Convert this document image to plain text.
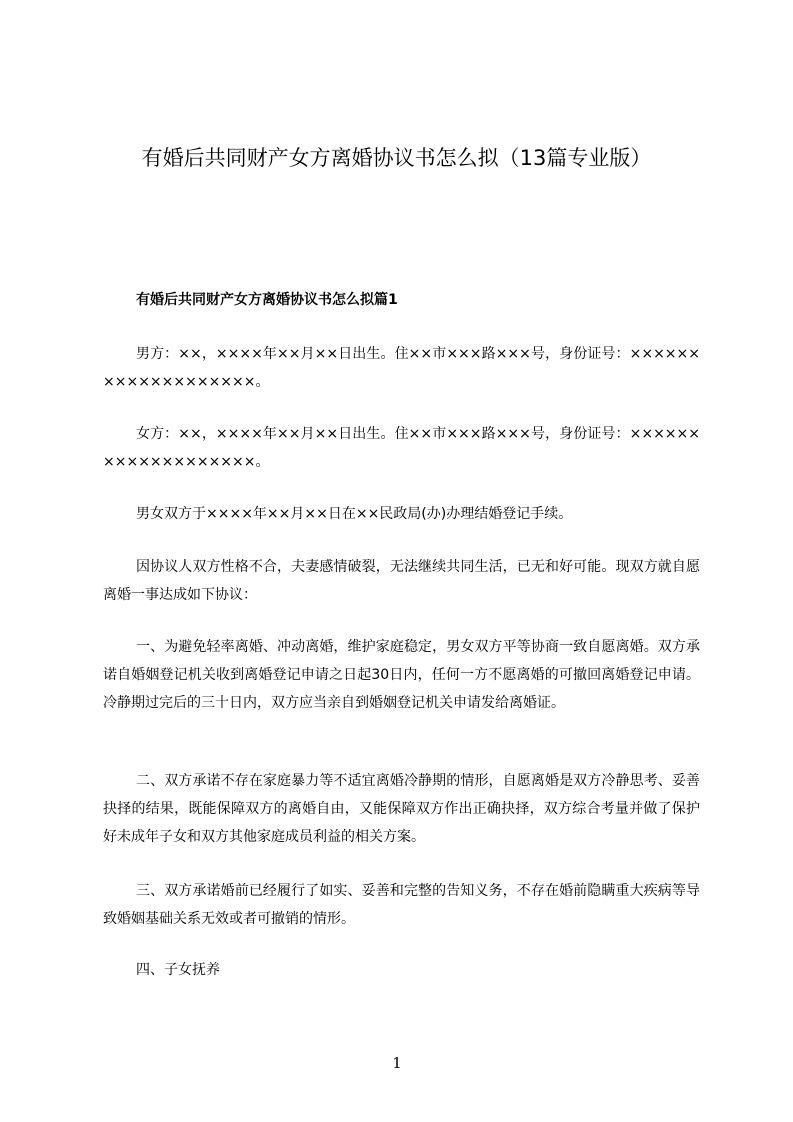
有婚后共同财产女方离婚协议书怎么拟（13篇专业版）
有婚后共同财产女方离婚协议书怎么拟篇1

男方：××，××××年××月××日出生。住××市×××路×××号，身份证号：×××××××××××××××××××。

女方：××，××××年××月××日出生。住××市×××路×××号，身份证号：×××××××××××××××××××。

男女双方于××××年××月××日在××民政局(办)办理结婚登记手续。

因协议人双方性格不合，夫妻感情破裂，无法继续共同生活，已无和好可能。现双方就自愿离婚一事达成如下协议：

一、为避免轻率离婚、冲动离婚，维护家庭稳定，男女双方平等协商一致自愿离婚。双方承诺自婚姻登记机关收到离婚登记申请之日起30日内，任何一方不愿离婚的可撤回离婚登记申请。冷静期过完后的三十日内，双方应当亲自到婚姻登记机关申请发给离婚证。

二、双方承诺不存在家庭暴力等不适宜离婚冷静期的情形，自愿离婚是双方冷静思考、妥善抉择的结果，既能保障双方的离婚自由，又能保障双方作出正确抉择，双方综合考量并做了保护好未成年子女和双方其他家庭成员利益的相关方案。

三、双方承诺婚前已经履行了如实、妥善和完整的告知义务，不存在婚前隐瞒重大疾病等导致婚姻基础关系无效或者可撤销的情形。

四、子女抚养

1
